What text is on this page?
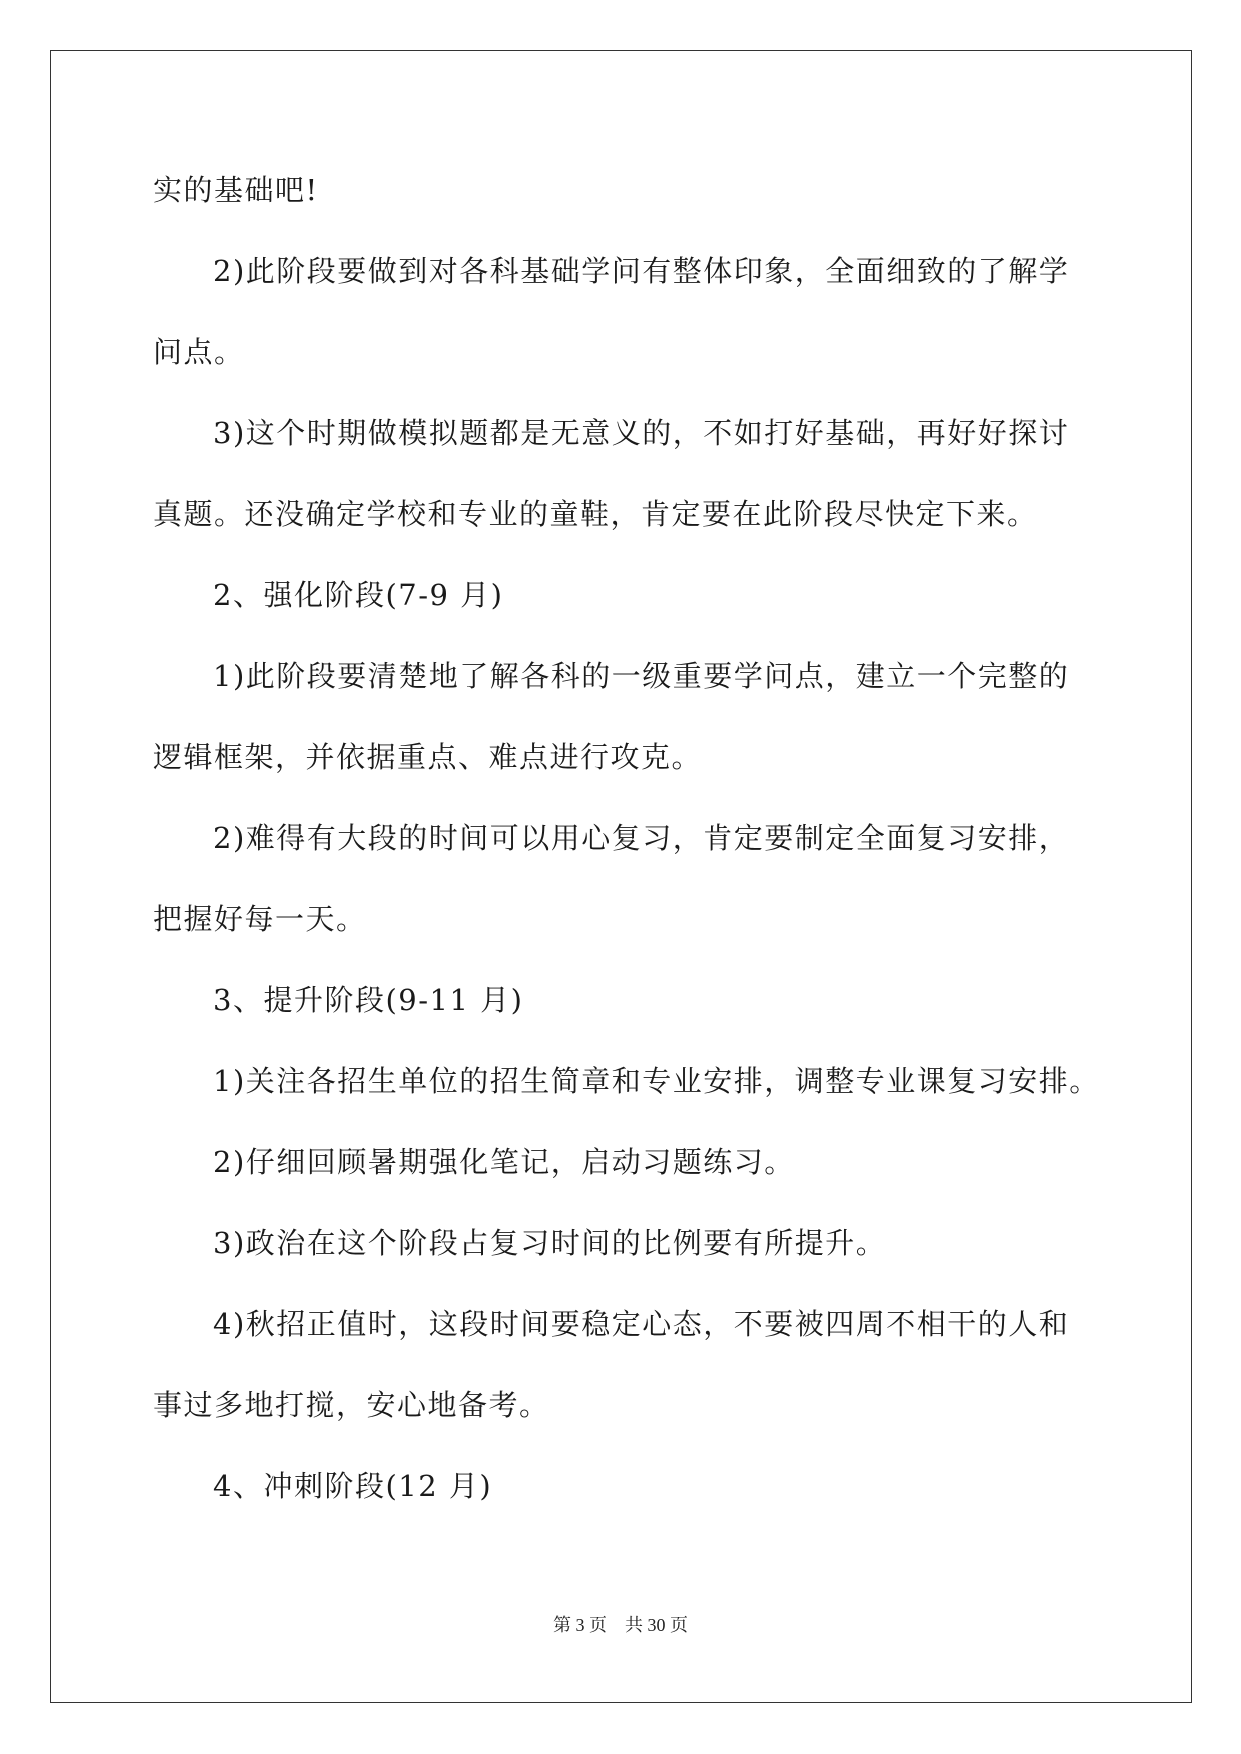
实的基础吧!
2)此阶段要做到对各科基础学问有整体印象，全面细致的了解学
问点。
3)这个时期做模拟题都是无意义的，不如打好基础，再好好探讨
真题。还没确定学校和专业的童鞋，肯定要在此阶段尽快定下来。
2、强化阶段(7-9 月)
1)此阶段要清楚地了解各科的一级重要学问点，建立一个完整的
逻辑框架，并依据重点、难点进行攻克。
2)难得有大段的时间可以用心复习，肯定要制定全面复习安排，
把握好每一天。
3、提升阶段(9-11 月)
1)关注各招生单位的招生简章和专业安排，调整专业课复习安排。
2)仔细回顾暑期强化笔记，启动习题练习。
3)政治在这个阶段占复习时间的比例要有所提升。
4)秋招正值时，这段时间要稳定心态，不要被四周不相干的人和
事过多地打搅，安心地备考。
4、冲刺阶段(12 月)
第 3 页 共 30 页
